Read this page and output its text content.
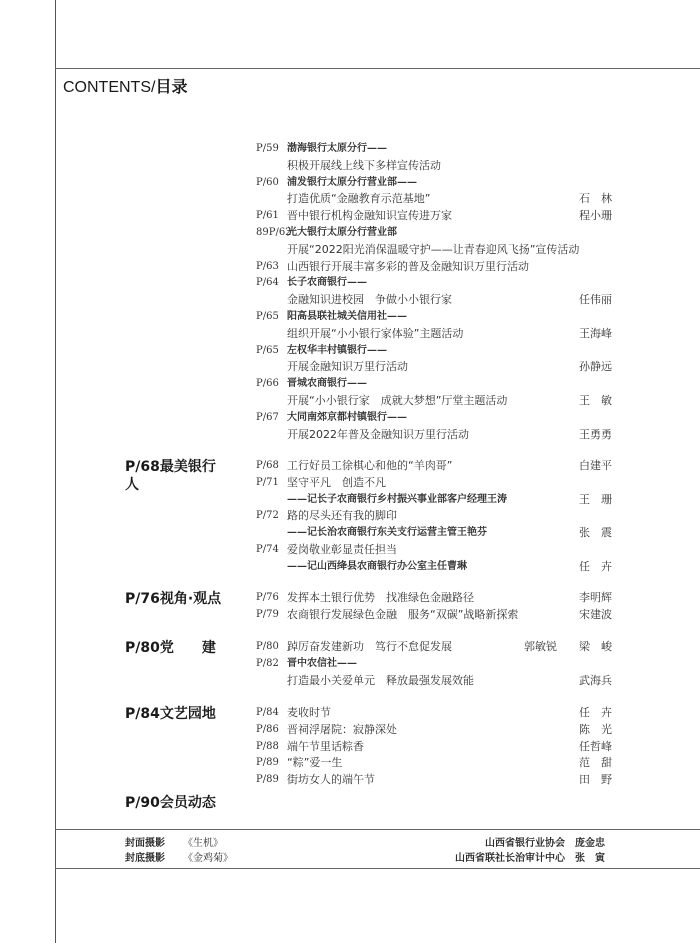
CONTENTS/目录
P/59 渤海银行太原分行——
积极开展线上线下多样宣传活动
P/60 浦发银行太原分行营业部——
打造优质“金融教育示范基地”	石　林
P/61 晋中银行机构金融知识宣传进万家	程小珊
89P/62
光大银行太原分行营业部
开展“2022阳光消保温暖守护——让青春迎风飞扬”宣传活动
P/63 山西银行开展丰富多彩的普及金融知识万里行活动
P/64 长子农商银行——
金融知识进校园　争做小小银行家	任伟丽
P/65 阳高县联社城关信用社——
组织开展“小小银行家体验”主题活动	王海峰
P/65 左权华丰村镇银行——
开展金融知识万里行活动	孙静远
P/66 晋城农商银行——
开展“小小银行家　成就大梦想”厅堂主题活动	王　敏
P/67 大同南郊京都村镇银行——
开展2022年普及金融知识万里行活动	王勇勇
P/68最美银行人
P/68 工行好员工徐棋心和他的“羊肉哥”	白建平
P/71 坚守平凡　创造不凡
——记长子农商银行乡村振兴事业部客户经理王涛	王　珊
P/72 路的尽头还有我的脚印
——记长治农商银行东关支行运营主管王艳芬	张　震
P/74 爱岗敬业彰显责任担当
——记山西绛县农商银行办公室主任曹琳	任　卉
P/76视角·观点	P/76 发挥本土银行优势　找准绿色金融路径	李明辉
P/79 农商银行发展绿色金融　服务“双碳”战略新探索	宋建波
P/80党　　建	P/80 踔厉奋发建新功　笃行不怠促发展	郭敏锐 梁　峻
P/82 晋中农信社——
打造最小关爱单元　释放最强发展效能	武海兵
P/84文艺园地	P/84 麦收时节	任　卉
P/86 晋祠浮屠院：寂静深处	陈　光
P/88 端午节里话粽香	任哲峰
P/89 “粽”爱一生	范　甜
P/89 街坊女人的端午节	田　野
P/90会员动态
封面摄影 《生机》	山西省银行业协会　庞金忠
封底摄影 《金鸡菊》	山西省联社长治审计中心　张　寅
